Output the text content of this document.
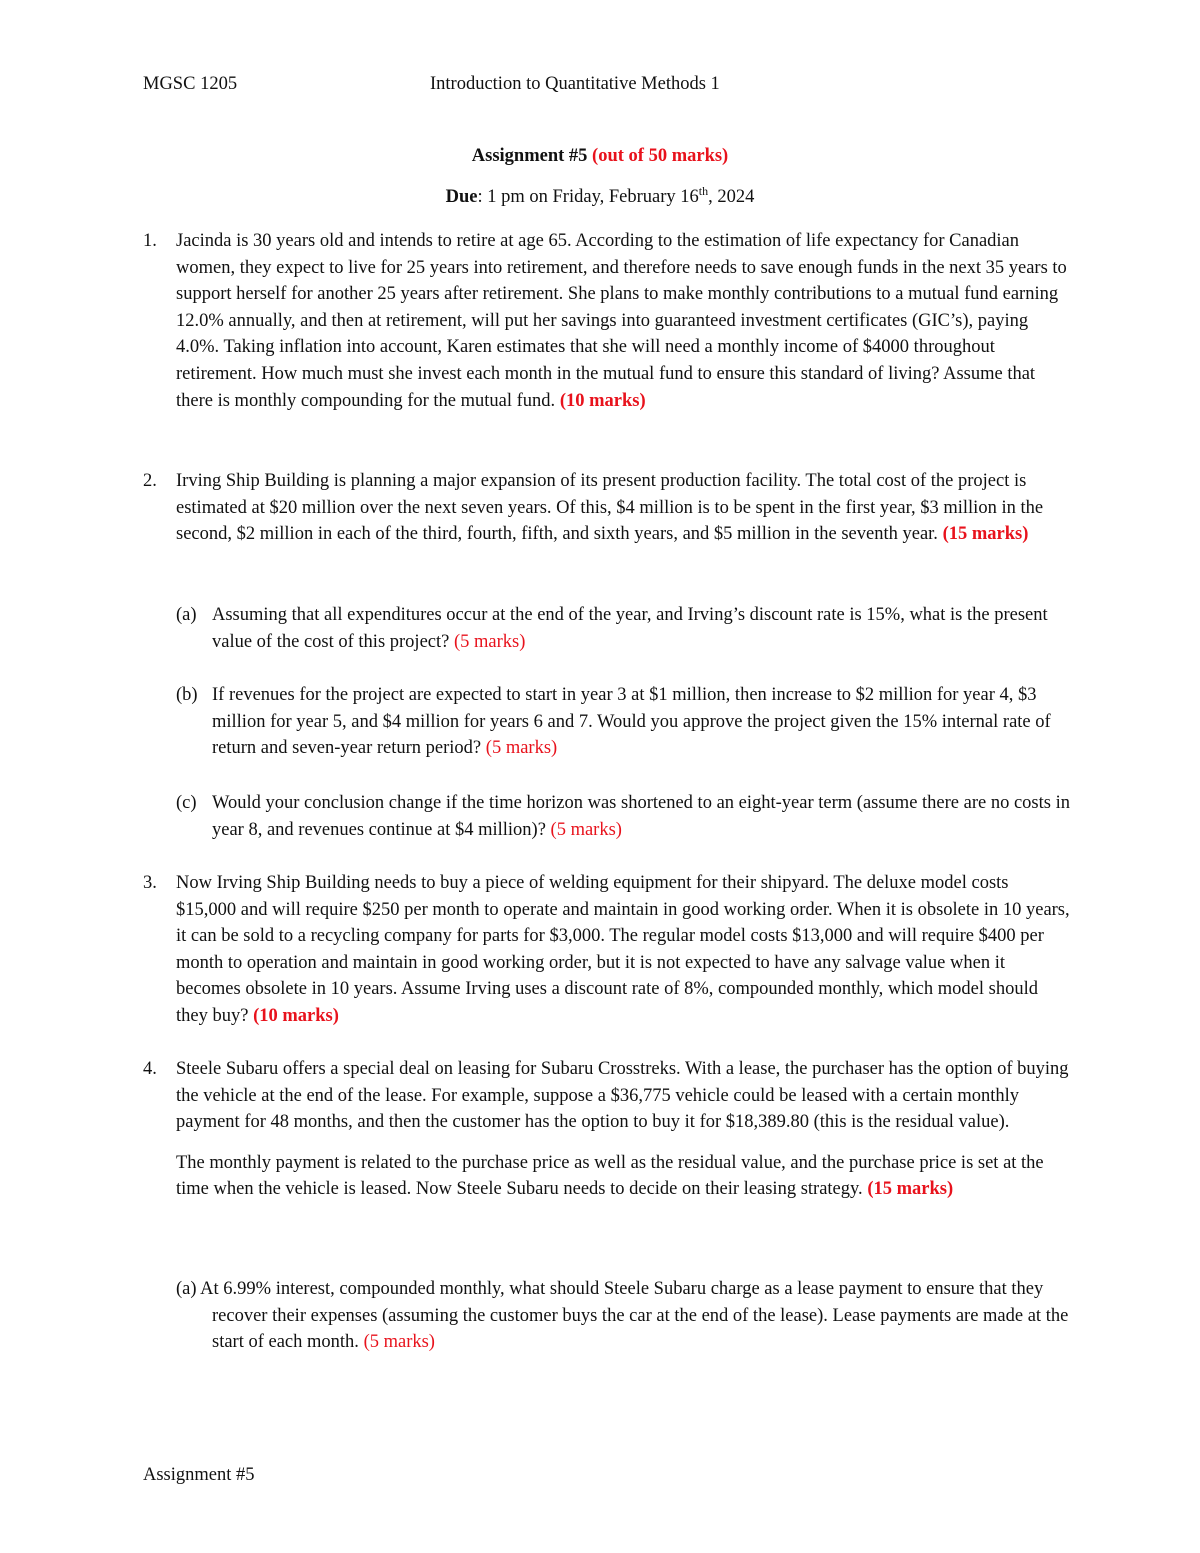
MGSC 1205	Introduction to Quantitative Methods 1
Assignment #5 (out of 50 marks)
Due: 1 pm on Friday, February 16th, 2024
1. Jacinda is 30 years old and intends to retire at age 65. According to the estimation of life expectancy for Canadian women, they expect to live for 25 years into retirement, and therefore needs to save enough funds in the next 35 years to support herself for another 25 years after retirement. She plans to make monthly contributions to a mutual fund earning 12.0% annually, and then at retirement, will put her savings into guaranteed investment certificates (GIC’s), paying 4.0%. Taking inflation into account, Karen estimates that she will need a monthly income of $4000 throughout retirement. How much must she invest each month in the mutual fund to ensure this standard of living? Assume that there is monthly compounding for the mutual fund. (10 marks)
2. Irving Ship Building is planning a major expansion of its present production facility. The total cost of the project is estimated at $20 million over the next seven years. Of this, $4 million is to be spent in the first year, $3 million in the second, $2 million in each of the third, fourth, fifth, and sixth years, and $5 million in the seventh year. (15 marks)
(a) Assuming that all expenditures occur at the end of the year, and Irving’s discount rate is 15%, what is the present value of the cost of this project? (5 marks)
(b) If revenues for the project are expected to start in year 3 at $1 million, then increase to $2 million for year 4, $3 million for year 5, and $4 million for years 6 and 7. Would you approve the project given the 15% internal rate of return and seven-year return period? (5 marks)
(c) Would your conclusion change if the time horizon was shortened to an eight-year term (assume there are no costs in year 8, and revenues continue at $4 million)? (5 marks)
3. Now Irving Ship Building needs to buy a piece of welding equipment for their shipyard. The deluxe model costs $15,000 and will require $250 per month to operate and maintain in good working order. When it is obsolete in 10 years, it can be sold to a recycling company for parts for $3,000. The regular model costs $13,000 and will require $400 per month to operation and maintain in good working order, but it is not expected to have any salvage value when it becomes obsolete in 10 years. Assume Irving uses a discount rate of 8%, compounded monthly, which model should they buy? (10 marks)
4. Steele Subaru offers a special deal on leasing for Subaru Crosstreks. With a lease, the purchaser has the option of buying the vehicle at the end of the lease. For example, suppose a $36,775 vehicle could be leased with a certain monthly payment for 48 months, and then the customer has the option to buy it for $18,389.80 (this is the residual value).
The monthly payment is related to the purchase price as well as the residual value, and the purchase price is set at the time when the vehicle is leased. Now Steele Subaru needs to decide on their leasing strategy. (15 marks)
(a) At 6.99% interest, compounded monthly, what should Steele Subaru charge as a lease payment to ensure that they recover their expenses (assuming the customer buys the car at the end of the lease). Lease payments are made at the start of each month. (5 marks)
Assignment #5
